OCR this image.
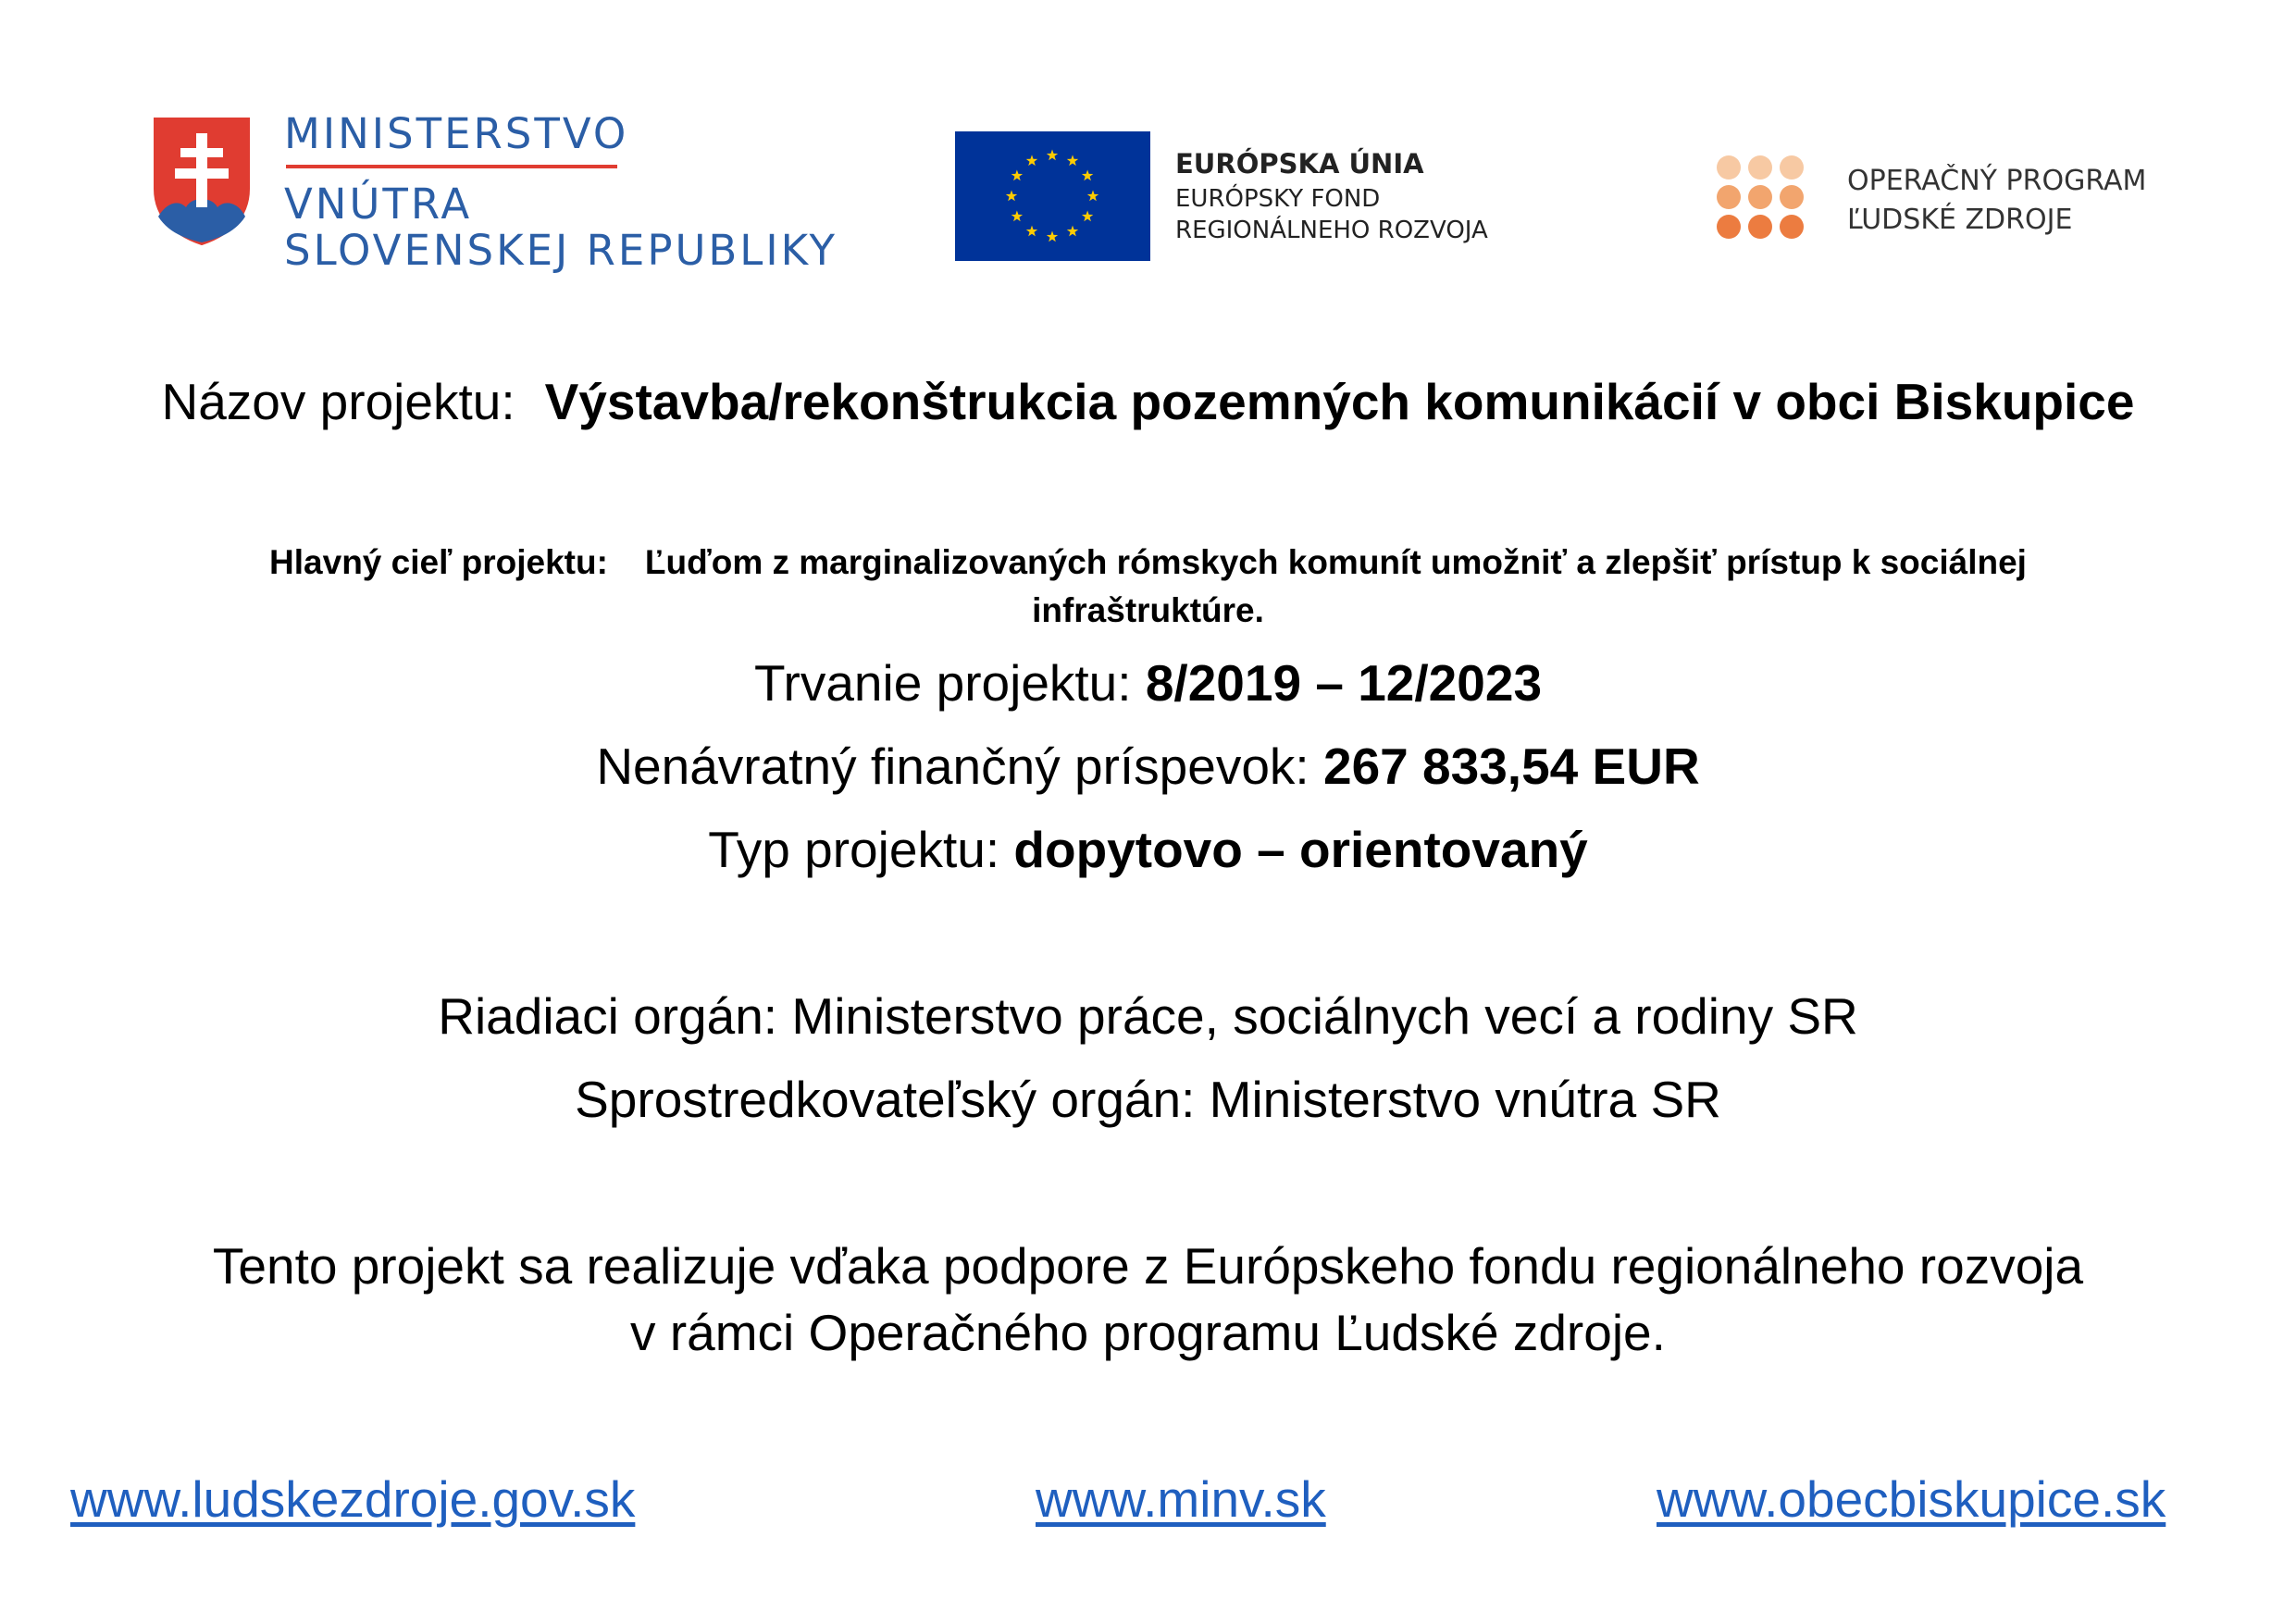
MINISTERSTVO
VNÚTRA
SLOVENSKEJ REPUBLIKY
EURÓPSKA ÚNIA
EURÓPSKY FOND
REGIONÁLNEHO ROZVOJA
OPERAČNÝ PROGRAM
ĽUDSKÉ ZDROJE
Názov projektu: Výstavba/rekonštrukcia pozemných komunikácií v obci Biskupice
Hlavný cieľ projektu: Ľuďom z marginalizovaných rómskych komunít umožniť a zlepšiť prístup k sociálnej
infraštruktúre.
Trvanie projektu: 8/2019 – 12/2023
Nenávratný finančný príspevok: 267 833,54 EUR
Typ projektu: dopytovo – orientovaný
Riadiaci orgán: Ministerstvo práce, sociálnych vecí a rodiny SR
Sprostredkovateľský orgán: Ministerstvo vnútra SR
Tento projekt sa realizuje vďaka podpore z Európskeho fondu regionálneho rozvoja
v rámci Operačného programu Ľudské zdroje.
www.ludskezdroje.gov.sk	www.minv.sk	www.obecbiskupice.sk
